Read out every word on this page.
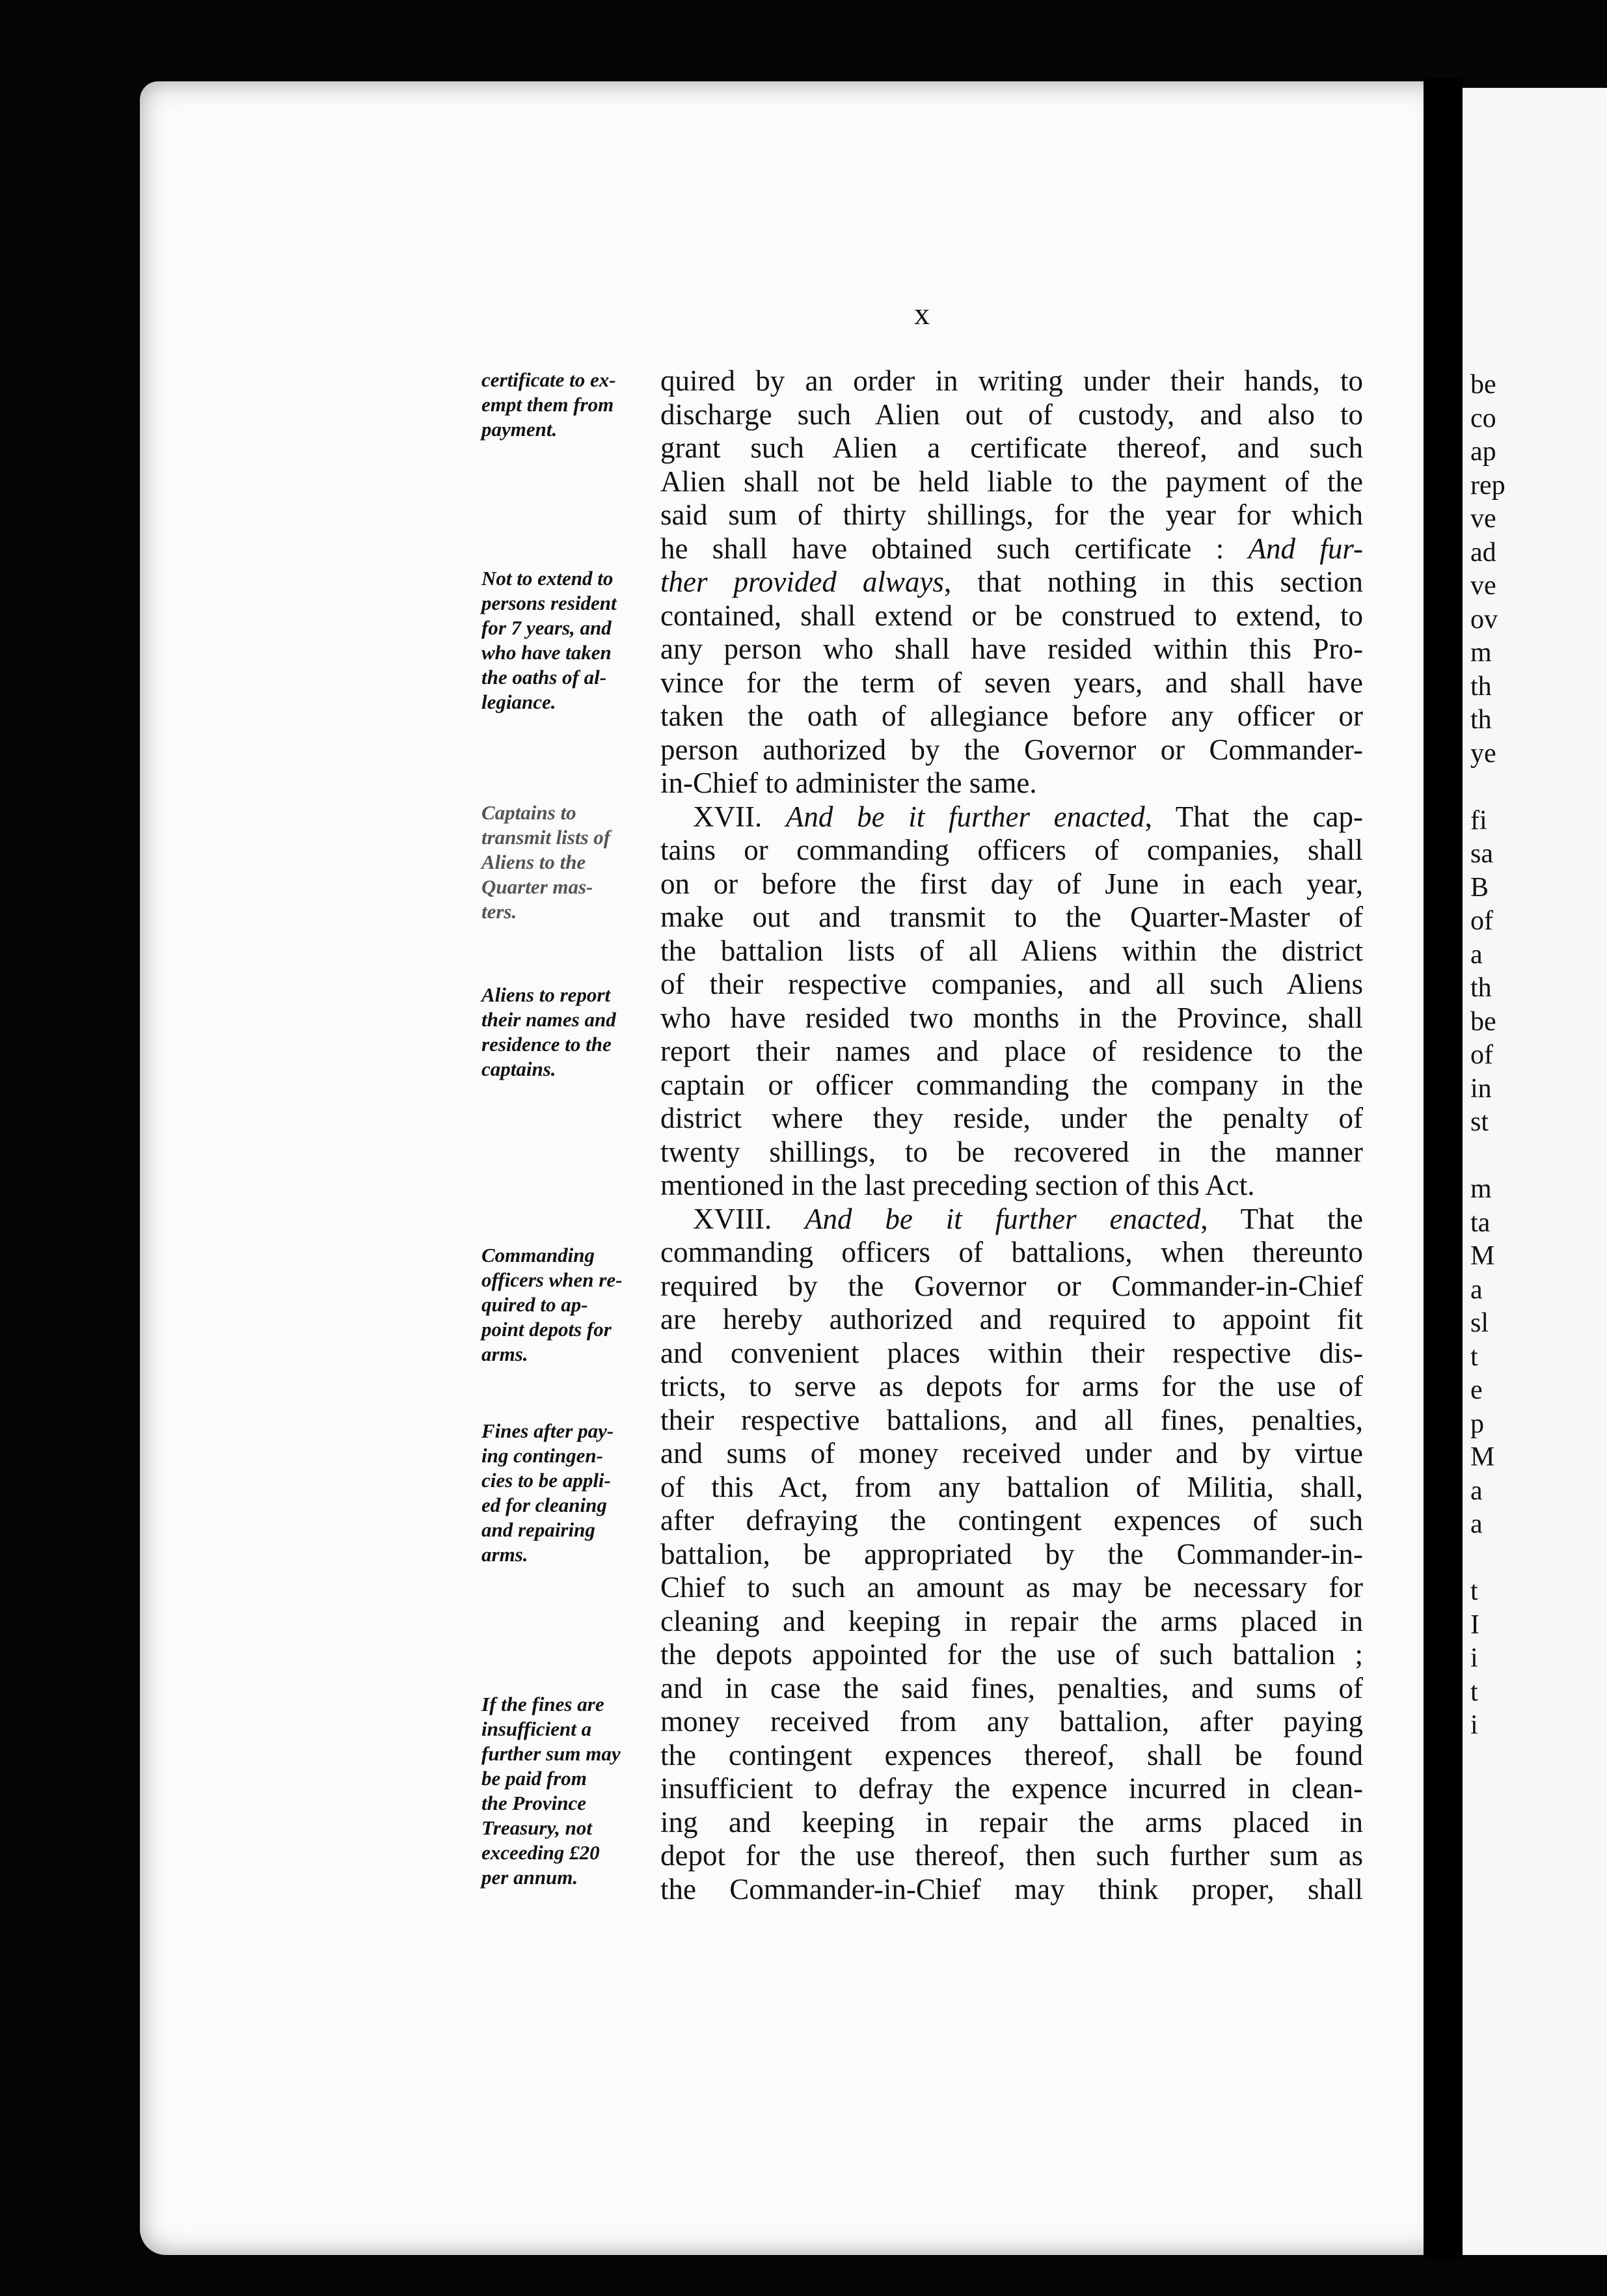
be
co
ap
rep
ve
ad
ve
ov
m
th
th
ye
fi
sa
B
of
a
th
be
of
in
st
m
ta
M
a
sl
t
e
p
M
a
a
t
I
i
t
i
x
certificate to ex-
empt them from
payment.
Not to extend to
persons resident
for 7 years, and
who have taken
the oaths of al-
legiance.
Captains to
transmit lists of
Aliens to the
Quarter mas-
ters.
Aliens to report
their names and
residence to the
captains.
Commanding
officers when re-
quired to ap-
point depots for
arms.
Fines after pay-
ing contingen-
cies to be appli-
ed for cleaning
and repairing
arms.
If the fines are
insufficient a
further sum may
be paid from
the Province
Treasury, not
exceeding £20
per annum.
quired by an order in writing under their hands, to
discharge such Alien out of custody, and also to
grant such Alien a certificate thereof, and such
Alien shall not be held liable to the payment of the
said sum of thirty shillings, for the year for which
he shall have obtained such certificate : And fur-
ther provided always, that nothing in this section
contained, shall extend or be construed to extend, to
any person who shall have resided within this Pro-
vince for the term of seven years, and shall have
taken the oath of allegiance before any officer or
person authorized by the Governor or Commander-
in-Chief to administer the same.
XVII. And be it further enacted, That the cap-
tains or commanding officers of companies, shall
on or before the first day of June in each year,
make out and transmit to the Quarter-Master of
the battalion lists of all Aliens within the district
of their respective companies, and all such Aliens
who have resided two months in the Province, shall
report their names and place of residence to the
captain or officer commanding the company in the
district where they reside, under the penalty of
twenty shillings, to be recovered in the manner
mentioned in the last preceding section of this Act.
XVIII. And be it further enacted, That the
commanding officers of battalions, when thereunto
required by the Governor or Commander-in-Chief
are hereby authorized and required to appoint fit
and convenient places within their respective dis-
tricts, to serve as depots for arms for the use of
their respective battalions, and all fines, penalties,
and sums of money received under and by virtue
of this Act, from any battalion of Militia, shall,
after defraying the contingent expences of such
battalion, be appropriated by the Commander-in-
Chief to such an amount as may be necessary for
cleaning and keeping in repair the arms placed in
the depots appointed for the use of such battalion ;
and in case the said fines, penalties, and sums of
money received from any battalion, after paying
the contingent expences thereof, shall be found
insufficient to defray the expence incurred in clean-
ing and keeping in repair the arms placed in
depot for the use thereof, then such further sum as
the Commander-in-Chief may think proper, shall
